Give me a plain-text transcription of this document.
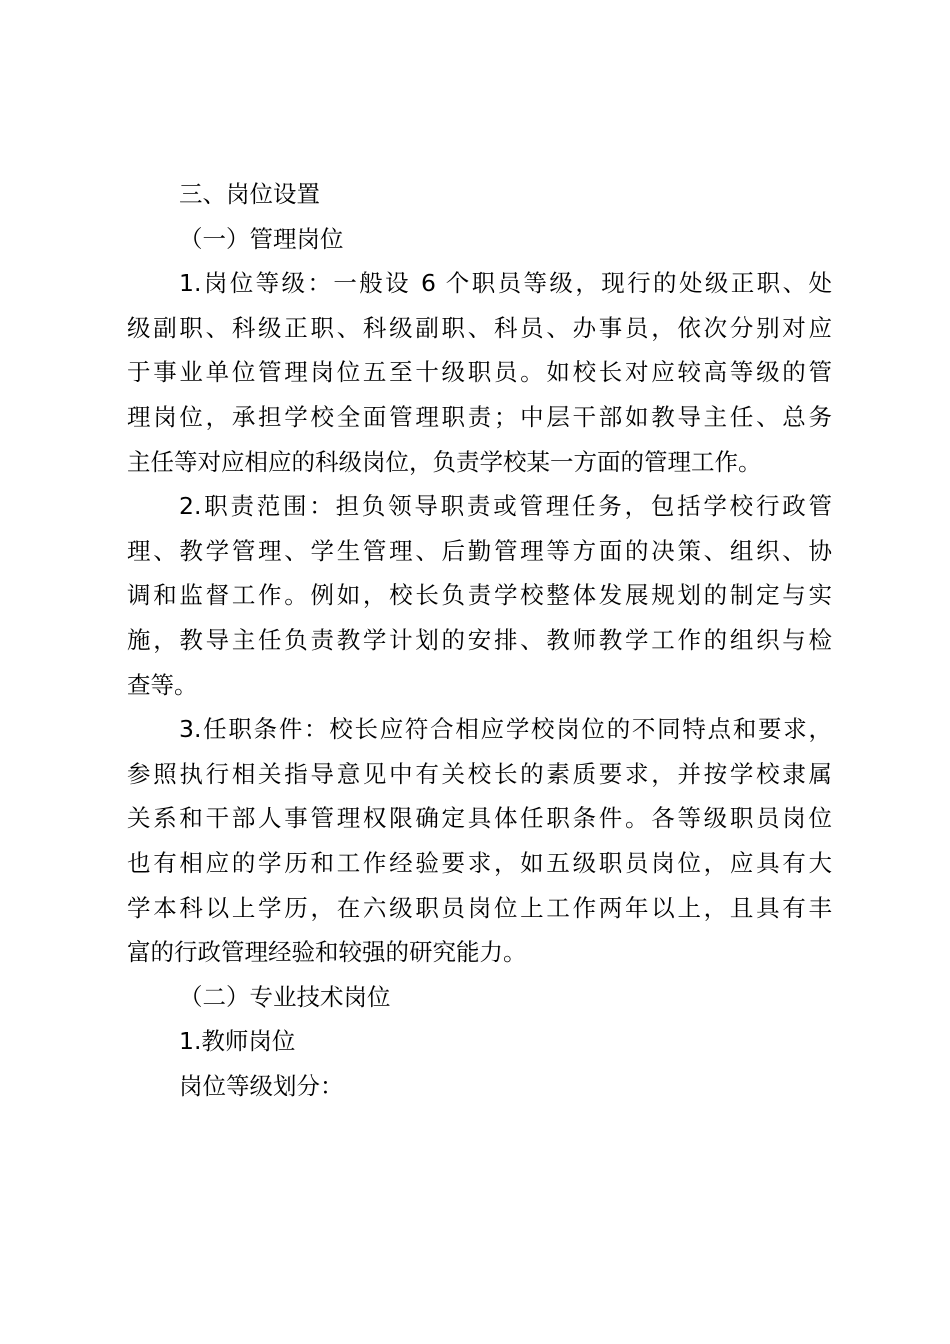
三、岗位设置
（一）管理岗位
1.岗位等级：一般设 6 个职员等级，现行的处级正职、处
级副职、科级正职、科级副职、科员、办事员，依次分别对应
于事业单位管理岗位五至十级职员。如校长对应较高等级的管
理岗位，承担学校全面管理职责；中层干部如教导主任、总务
主任等对应相应的科级岗位，负责学校某一方面的管理工作。
2.职责范围：担负领导职责或管理任务，包括学校行政管
理、教学管理、学生管理、后勤管理等方面的决策、组织、协
调和监督工作。例如，校长负责学校整体发展规划的制定与实
施，教导主任负责教学计划的安排、教师教学工作的组织与检
查等。
3.任职条件：校长应符合相应学校岗位的不同特点和要求，
参照执行相关指导意见中有关校长的素质要求，并按学校隶属
关系和干部人事管理权限确定具体任职条件。各等级职员岗位
也有相应的学历和工作经验要求，如五级职员岗位，应具有大
学本科以上学历，在六级职员岗位上工作两年以上，且具有丰
富的行政管理经验和较强的研究能力。
（二）专业技术岗位
1.教师岗位
岗位等级划分：
